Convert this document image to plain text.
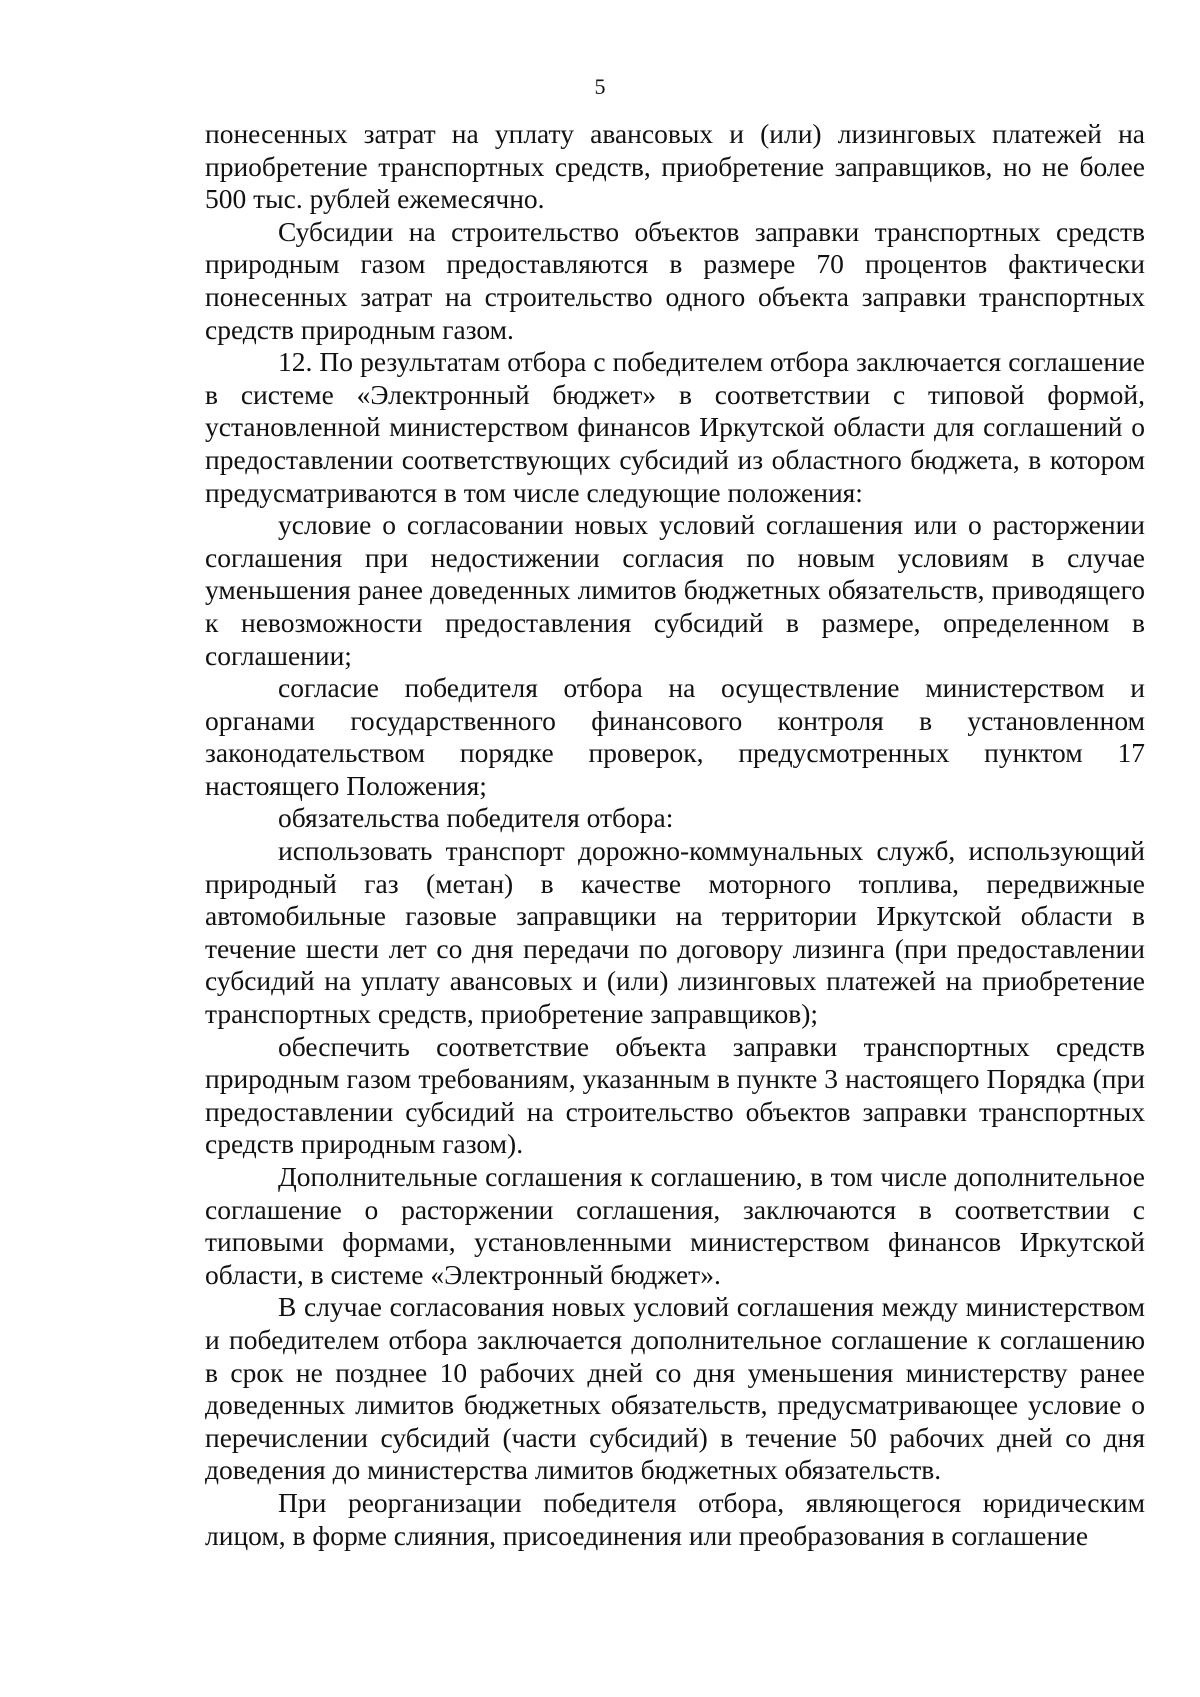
5

понесенных затрат на уплату авансовых и (или) лизинговых платежей на приобретение транспортных средств, приобретение заправщиков, но не более 500 тыс. рублей ежемесячно.

Субсидии на строительство объектов заправки транспортных средств природным газом предоставляются в размере 70 процентов фактически понесенных затрат на строительство одного объекта заправки транспортных средств природным газом.

12. По результатам отбора с победителем отбора заключается соглашение в системе «Электронный бюджет» в соответствии с типовой формой, установленной министерством финансов Иркутской области для соглашений о предоставлении соответствующих субсидий из областного бюджета, в котором предусматриваются в том числе следующие положения:

условие о согласовании новых условий соглашения или о расторжении соглашения при недостижении согласия по новым условиям в случае уменьшения ранее доведенных лимитов бюджетных обязательств, приводящего к невозможности предоставления субсидий в размере, определенном в соглашении;

согласие победителя отбора на осуществление министерством и органами государственного финансового контроля в установленном законодательством порядке проверок, предусмотренных пунктом 17 настоящего Положения;

обязательства победителя отбора:

использовать транспорт дорожно-коммунальных служб, использующий природный газ (метан) в качестве моторного топлива, передвижные автомобильные газовые заправщики на территории Иркутской области в течение шести лет со дня передачи по договору лизинга (при предоставлении субсидий на уплату авансовых и (или) лизинговых платежей на приобретение транспортных средств, приобретение заправщиков);

обеспечить соответствие объекта заправки транспортных средств природным газом требованиям, указанным в пункте 3 настоящего Порядка (при предоставлении субсидий на строительство объектов заправки транспортных средств природным газом).

Дополнительные соглашения к соглашению, в том числе дополнительное соглашение о расторжении соглашения, заключаются в соответствии с типовыми формами, установленными министерством финансов Иркутской области, в системе «Электронный бюджет».

В случае согласования новых условий соглашения между министерством и победителем отбора заключается дополнительное соглашение к соглашению в срок не позднее 10 рабочих дней со дня уменьшения министерству ранее доведенных лимитов бюджетных обязательств, предусматривающее условие о перечислении субсидий (части субсидий) в течение 50 рабочих дней со дня доведения до министерства лимитов бюджетных обязательств.

При реорганизации победителя отбора, являющегося юридическим лицом, в форме слияния, присоединения или преобразования в соглашение
